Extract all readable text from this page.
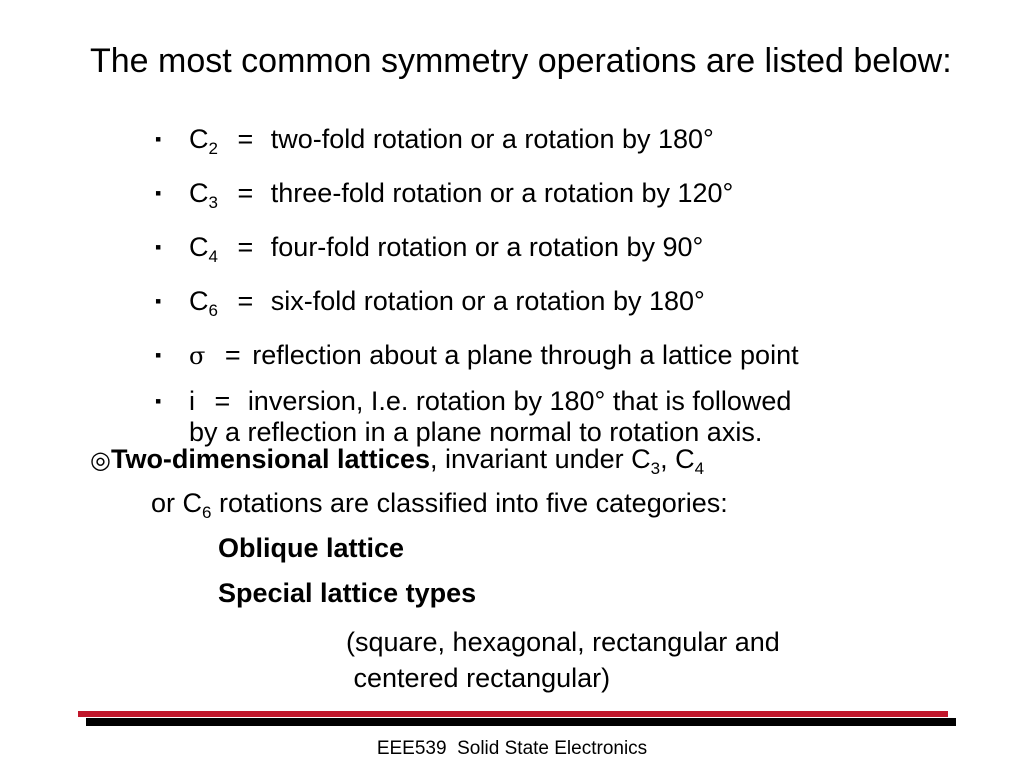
The most common symmetry operations are listed below:
▪ $C_2$ = two-fold rotation or a rotation by 180°
▪ $C_3$ = three-fold rotation or a rotation by 120°
▪ $C_4$ = four-fold rotation or a rotation by 90°
▪ $C_6$ = six-fold rotation or a rotation by 180°
▪ σ = reflection about a plane through a lattice point
▪ i = inversion, I.e. rotation by 180° that is followed
by a reflection in a plane normal to rotation axis.
◎Two-dimensional lattices, invariant under $C_3$, $C_4$
or $C_6$ rotations are classified into five categories:
Oblique lattice
Special lattice types
(square, hexagonal, rectangular and
centered rectangular)
EEE539  Solid State Electronics
